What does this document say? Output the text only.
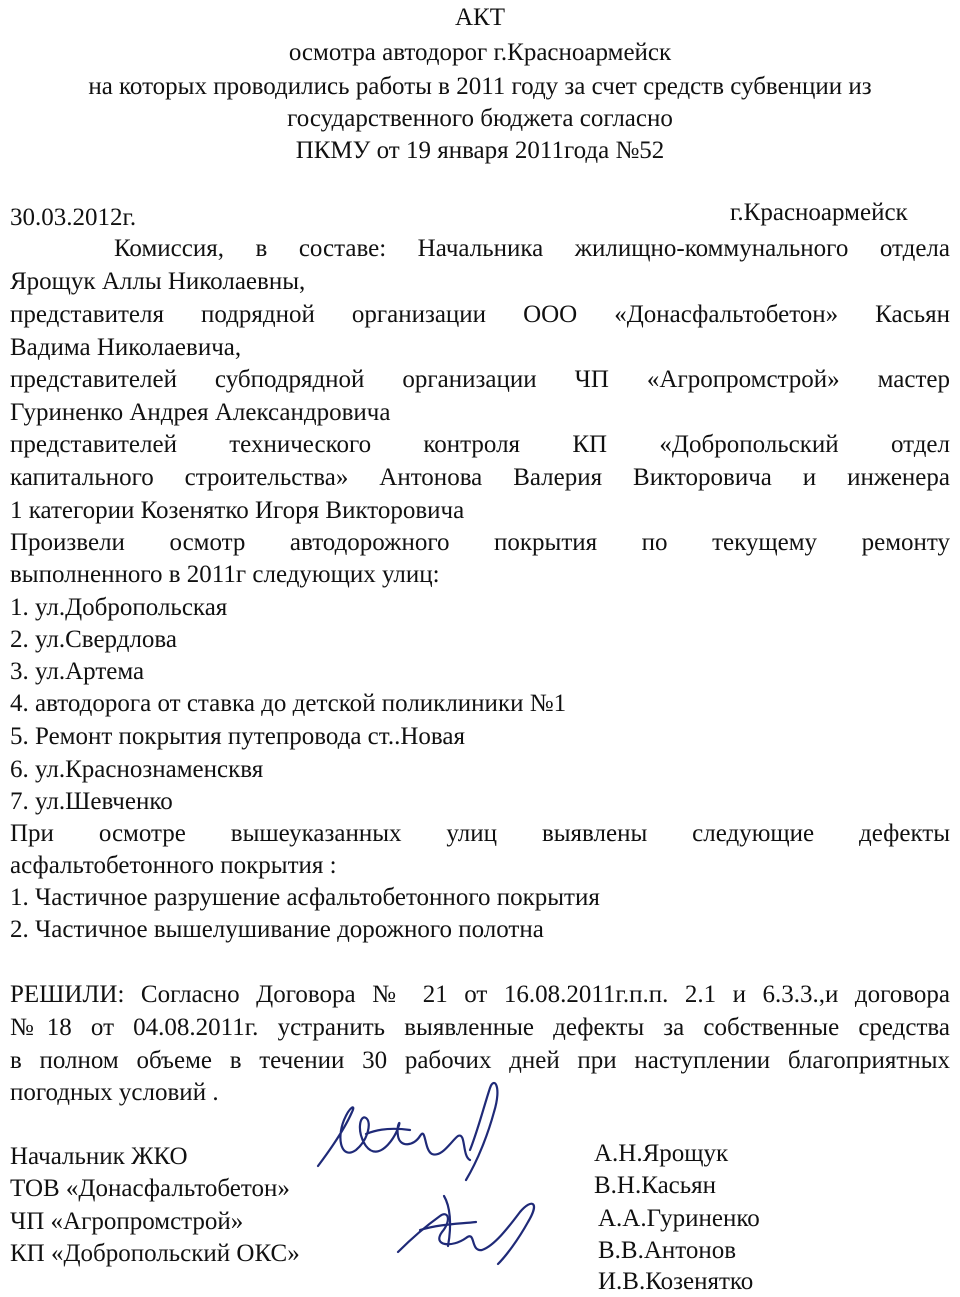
АКТ
осмотра автодорог г.Красноармейск
на которых проводились работы в 2011 году за счет средств субвенции из
государственного бюджета согласно
ПКМУ от 19 января 2011года №52
30.03.2012г.	г.Красноармейск
Комиссия, в составе: Начальника жилищно-коммунального отдела
Ярощук Аллы Николаевны,
представителя подрядной организации ООО «Донасфальтобетон» Касьян
Вадима Николаевича,
представителей субподрядной организации ЧП «Агропромстрой» мастер
Гуриненко Андрея Александровича
представителей технического контроля КП «Добропольский отдел
капитального строительства» Антонова Валерия Викторовича и инженера
1 категории Козенятко Игоря Викторовича
Произвели осмотр автодорожного покрытия по текущему ремонту
выполненного в 2011г следующих улиц:
1. ул.Добропольская
2. ул.Свердлова
3. ул.Артема
4. автодорога от ставка до детской поликлиники №1
5. Ремонт покрытия путепровода ст..Новая
6. ул.Краснознаменсквя
7. ул.Шевченко
При осмотре вышеуказанных улиц выявлены следующие дефекты
асфальтобетонного покрытия :
1. Частичное разрушение асфальтобетонного покрытия
2. Частичное вышелушивание дорожного полотна
РЕШИЛИ: Согласно Договора № 21 от 16.08.2011г.п.п. 2.1 и 6.3.3.,и договора
№18 от 04.08.2011г. устранить выявленные дефекты за собственные средства
в полном объеме в течении 30 рабочих дней при наступлении благоприятных
погодных условий .
Начальник ЖКО
ТОВ «Донасфальтобетон»
ЧП «Агропромстрой»
КП «Добропольский ОКС»
А.Н.Ярощук
В.Н.Касьян
А.А.Гуриненко
В.В.Антонов
И.В.Козенятко
